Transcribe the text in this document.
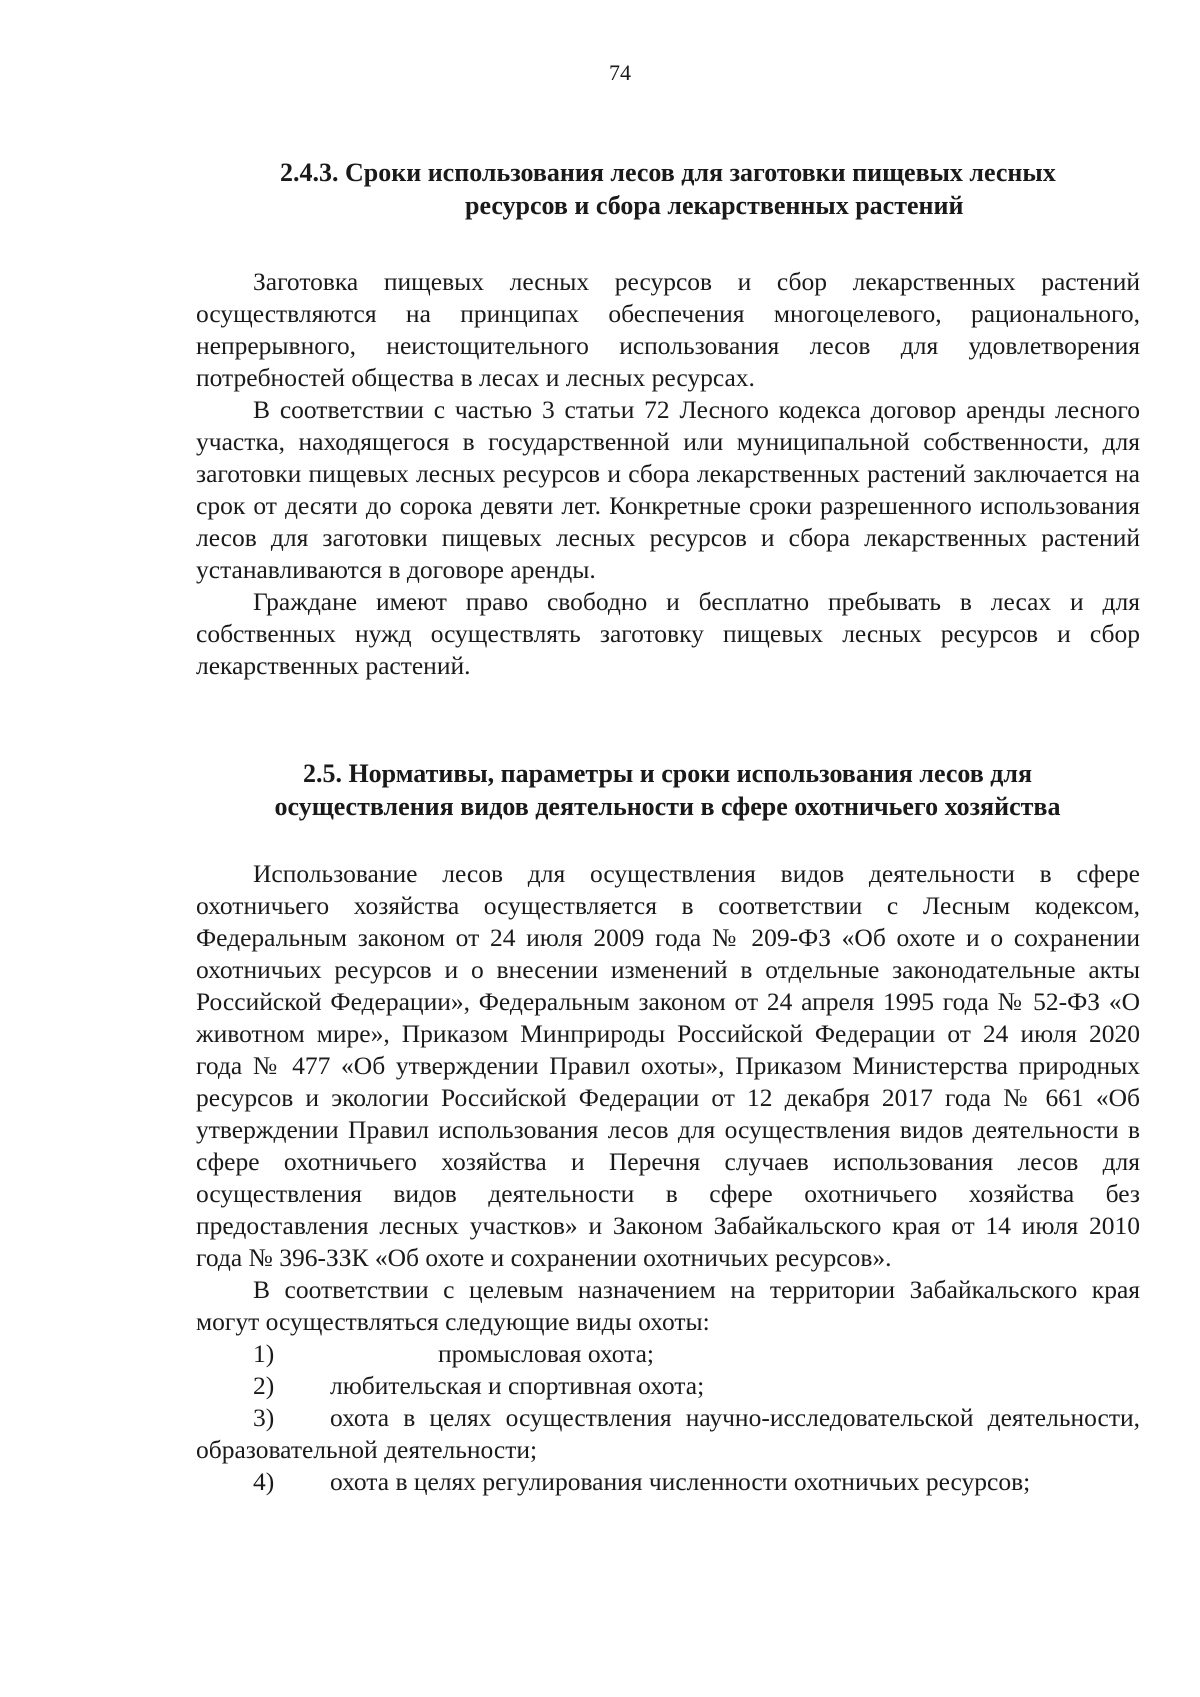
74
2.4.3. Сроки использования лесов для заготовки пищевых лесных
ресурсов и сбора лекарственных растений

Заготовка пищевых лесных ресурсов и сбор лекарственных растений осуществляются на принципах обеспечения многоцелевого, рационального, непрерывного, неистощительного использования лесов для удовлетворения потребностей общества в лесах и лесных ресурсах.

В соответствии с частью 3 статьи 72 Лесного кодекса договор аренды лесного участка, находящегося в государственной или муниципальной собственности, для заготовки пищевых лесных ресурсов и сбора лекарственных растений заключается на срок от десяти до сорока девяти лет. Конкретные сроки разрешенного использования лесов для заготовки пищевых лесных ресурсов и сбора лекарственных растений устанавливаются в договоре аренды.

Граждане имеют право свободно и бесплатно пребывать в лесах и для собственных нужд осуществлять заготовку пищевых лесных ресурсов и сбор лекарственных растений.

2.5. Нормативы, параметры и сроки использования лесов для
осуществления видов деятельности в сфере охотничьего хозяйства

Использование лесов для осуществления видов деятельности в сфере охотничьего хозяйства осуществляется в соответствии с Лесным кодексом, Федеральным законом от 24 июля 2009 года № 209-ФЗ «Об охоте и о сохранении охотничьих ресурсов и о внесении изменений в отдельные законодательные акты Российской Федерации», Федеральным законом от 24 апреля 1995 года № 52-ФЗ «О животном мире», Приказом Минприроды Российской Федерации от 24 июля 2020 года № 477 «Об утверждении Правил охоты», Приказом Министерства природных ресурсов и экологии Российской Федерации от 12 декабря 2017 года № 661 «Об утверждении Правил использования лесов для осуществления видов деятельности в сфере охотничьего хозяйства и Перечня случаев использования лесов для осуществления видов деятельности в сфере охотничьего хозяйства без предоставления лесных участков» и Законом Забайкальского края от 14 июля 2010 года № 396-ЗЗК «Об охоте и сохранении охотничьих ресурсов».

В соответствии с целевым назначением на территории Забайкальского края могут осуществляться следующие виды охоты:

1)	промысловая охота;
2)	любительская и спортивная охота;
3) охота в целях осуществления научно-исследовательской деятельности, образовательной деятельности;
4)	охота в целях регулирования численности охотничьих ресурсов;
